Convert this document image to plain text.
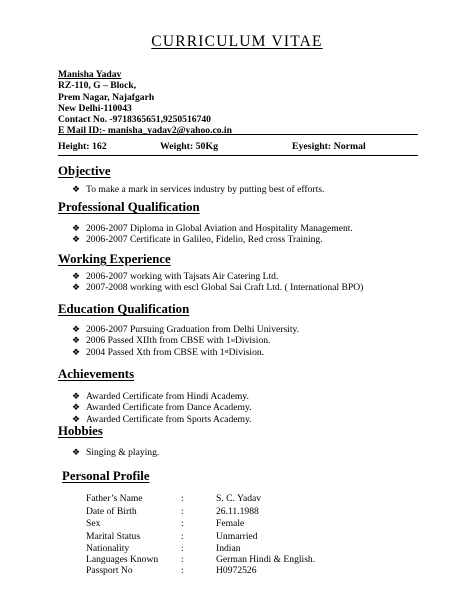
CURRICULUM VITAE
Manisha Yadav
RZ-110, G – Block,
Prem Nagar, Najafgarh
New Delhi-110043
Contact No. -9718365651,9250516740
E Mail ID:- manisha_yadav2@yahoo.co.in
Height: 162	Weight: 50Kg	Eyesight: Normal
Objective
❖ To make a mark in services industry by putting best of efforts.
Professional Qualification
❖ 2006-2007 Diploma in Global Aviation and Hospitality Management.
❖ 2006-2007 Certificate in Galileo, Fidelio, Red cross Training.
Working Experience
❖ 2006-2007 working with Tajsats Air Catering Ltd.
❖ 2007-2008 working with escl Global Sai Craft Ltd. ( International BPO)
Education Qualification
❖ 2006-2007 Pursuing Graduation from Delhi University.
❖ 2006 Passed XIIth from CBSE with 1 st Division.
❖ 2004 Passed Xth from CBSE with 1 st Division.
Achievements
❖ Awarded Certificate from Hindi Academy.
❖ Awarded Certificate from Dance Academy.
❖ Awarded Certificate from Sports Academy.
Hobbies
❖ Singing & playing.
Personal Profile
Father’s Name	:	S. C. Yadav
Date of Birth	:	26.11.1988
Sex	:	Female
Marital Status	:	Unmarried
Nationality	:	Indian
Languages Known :	German Hindi & English.
Passport No	:	H0972526
